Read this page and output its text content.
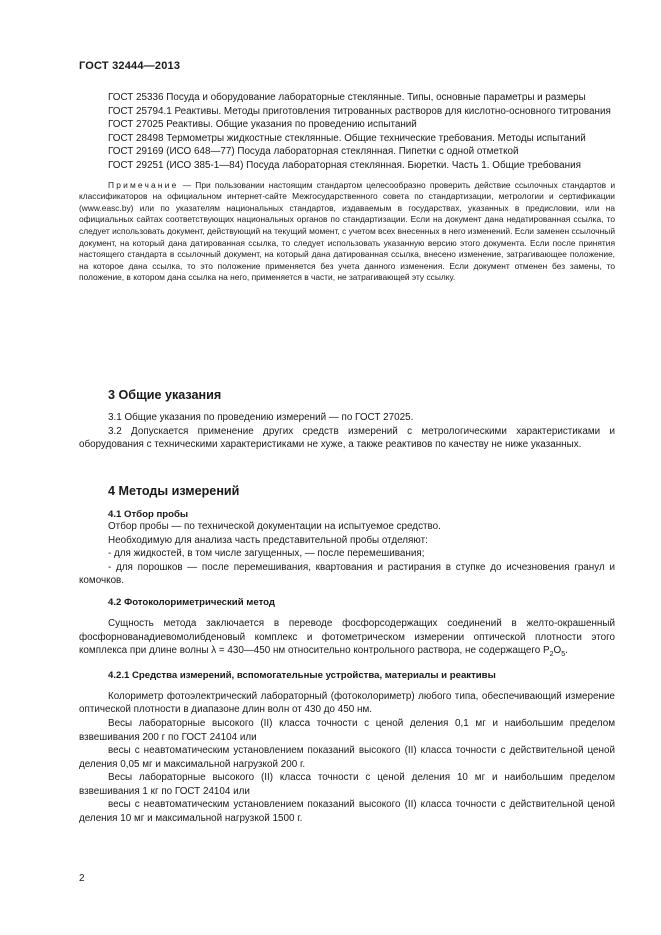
ГОСТ 32444—2013

ГОСТ 25336 Посуда и оборудование лабораторные стеклянные. Типы, основные параметры и размеры

ГОСТ 25794.1 Реактивы. Методы приготовления титрованных растворов для кислотно-основного титрования

ГОСТ 27025 Реактивы. Общие указания по проведению испытаний

ГОСТ 28498 Термометры жидкостные стеклянные. Общие технические требования. Методы испытаний

ГОСТ 29169 (ИСО 648—77) Посуда лабораторная стеклянная. Пипетки с одной отметкой

ГОСТ 29251 (ИСО 385-1—84) Посуда лабораторная стеклянная. Бюретки. Часть 1. Общие требования

Примечание — При пользовании настоящим стандартом целесообразно проверить действие ссылочных стандартов и классификаторов на официальном интернет-сайте Межгосударственного совета по стандартизации, метрологии и сертификации (www.easc.by) или по указателям национальных стандартов, издаваемым в государствах, указанных в предисловии, или на официальных сайтах соответствующих национальных органов по стандартизации. Если на документ дана недатированная ссылка, то следует использовать документ, действующий на текущий момент, с учетом всех внесенных в него изменений. Если заменен ссылочный документ, на который дана датированная ссылка, то следует использовать указанную версию этого документа. Если после принятия настоящего стандарта в ссылочный документ, на который дана датированная ссылка, внесено изменение, затрагивающее положение, на которое дана ссылка, то это положение применяется без учета данного изменения. Если документ отменен без замены, то положение, в котором дана ссылка на него, применяется в части, не затрагивающей эту ссылку.

3 Общие указания

3.1 Общие указания по проведению измерений — по ГОСТ 27025.

3.2 Допускается применение других средств измерений с метрологическими характеристиками и оборудования с техническими характеристиками не хуже, а также реактивов по качеству не ниже указанных.

4 Методы измерений
4.1 Отбор пробы

Отбор пробы — по технической документации на испытуемое средство.

Необходимую для анализа часть представительной пробы отделяют:

- для жидкостей, в том числе загущенных, — после перемешивания;

- для порошков — после перемешивания, квартования и растирания в ступке до исчезновения гранул и комочков.

4.2 Фотоколориметрический метод

Сущность метода заключается в переводе фосфорсодержащих соединений в желто-окрашенный фосфорнованадиевомолибденовый комплекс и фотометрическом измерении оптической плотности этого комплекса при длине волны λ = 430—450 нм относительно контрольного раствора, не содержащего $P_2O_5$.

4.2.1 Средства измерений, вспомогательные устройства, материалы и реактивы

Колориметр фотоэлектрический лабораторный (фотоколориметр) любого типа, обеспечивающий измерение оптической плотности в диапазоне длин волн от 430 до 450 нм.

Весы лабораторные высокого (II) класса точности с ценой деления 0,1 мг и наибольшим пределом взвешивания 200 г по ГОСТ 24104 или

весы с неавтоматическим установлением показаний высокого (II) класса точности с действительной ценой деления 0,05 мг и максимальной нагрузкой 200 г.

Весы лабораторные высокого (II) класса точности с ценой деления 10 мг и наибольшим пределом взвешивания 1 кг по ГОСТ 24104 или

весы с неавтоматическим установлением показаний высокого (II) класса точности с действительной ценой деления 10 мг и максимальной нагрузкой 1500 г.

2
